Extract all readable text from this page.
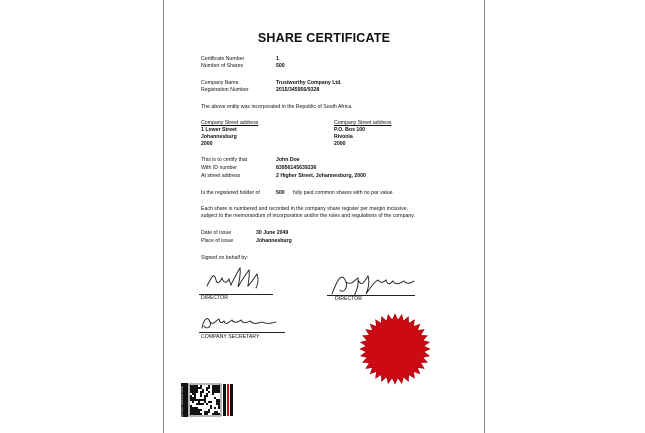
SHARE CERTIFICATE
Certificate Number	1
Number of Shares	500
Company Name	Trustworthy Company Ltd.
Registration Number	2015/345956/9328
The above entity was incorporated in the Republic of South Africa.
Company Street address
1 Lower Street
Johannesburg
2000
Company Street address
P.O. Box 100
Rivonia
2000
This is to certify that	John Doe
With ID number	83956145639236
At street address	2 Higher Street, Johannesburg, 2000
Is the registered holder of	500 fully paid common shares with no par value.
Each share is numbered and recorded in the company share register per margin inclusive,
subject to the memorandum of incorporation and/or the rules and regulations of the company.
Date of issue	30 June 2049
Place of issue	Johannesburg
Signed on behalf by:
DIRECTOR	DIRECTOR
COMPANY SECRETARY
VERIFIED SIGNATURE
